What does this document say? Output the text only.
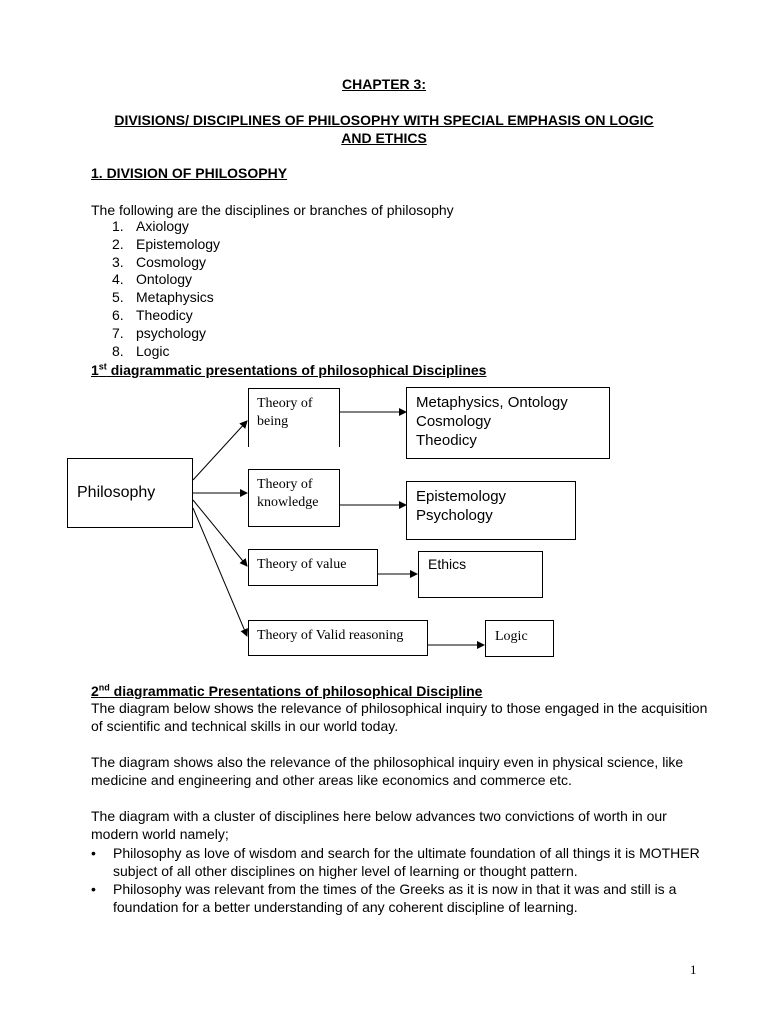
CHAPTER 3:
DIVISIONS/ DISCIPLINES OF PHILOSOPHY WITH SPECIAL EMPHASIS ON LOGIC
AND ETHICS
1. DIVISION OF PHILOSOPHY
The following are the disciplines or branches of philosophy
1. Axiology
2. Epistemology
3. Cosmology
4. Ontology
5. Metaphysics
6. Theodicy
7. psychology
8. Logic
1st diagrammatic presentations of philosophical Disciplines
Philosophy
Theory of
being
Theory of
knowledge
Theory of value
Theory of Valid reasoning
Metaphysics, Ontology
Cosmology
Theodicy
Epistemology
Psychology
Ethics
Logic
2nd diagrammatic Presentations of philosophical Discipline
The diagram below shows the relevance of philosophical inquiry to those engaged in the acquisition of scientific and technical skills in our world today.
The diagram shows also the relevance of the philosophical inquiry even in physical science, like medicine and engineering and other areas like economics and commerce etc.
The diagram with a cluster of disciplines here below advances two convictions of worth in our modern world namely;
• Philosophy as love of wisdom and search for the ultimate foundation of all things it is MOTHER subject of all other disciplines on higher level of learning or thought pattern.
• Philosophy was relevant from the times of the Greeks as it is now in that it was and still is a foundation for a better understanding of any coherent discipline of learning.
1
